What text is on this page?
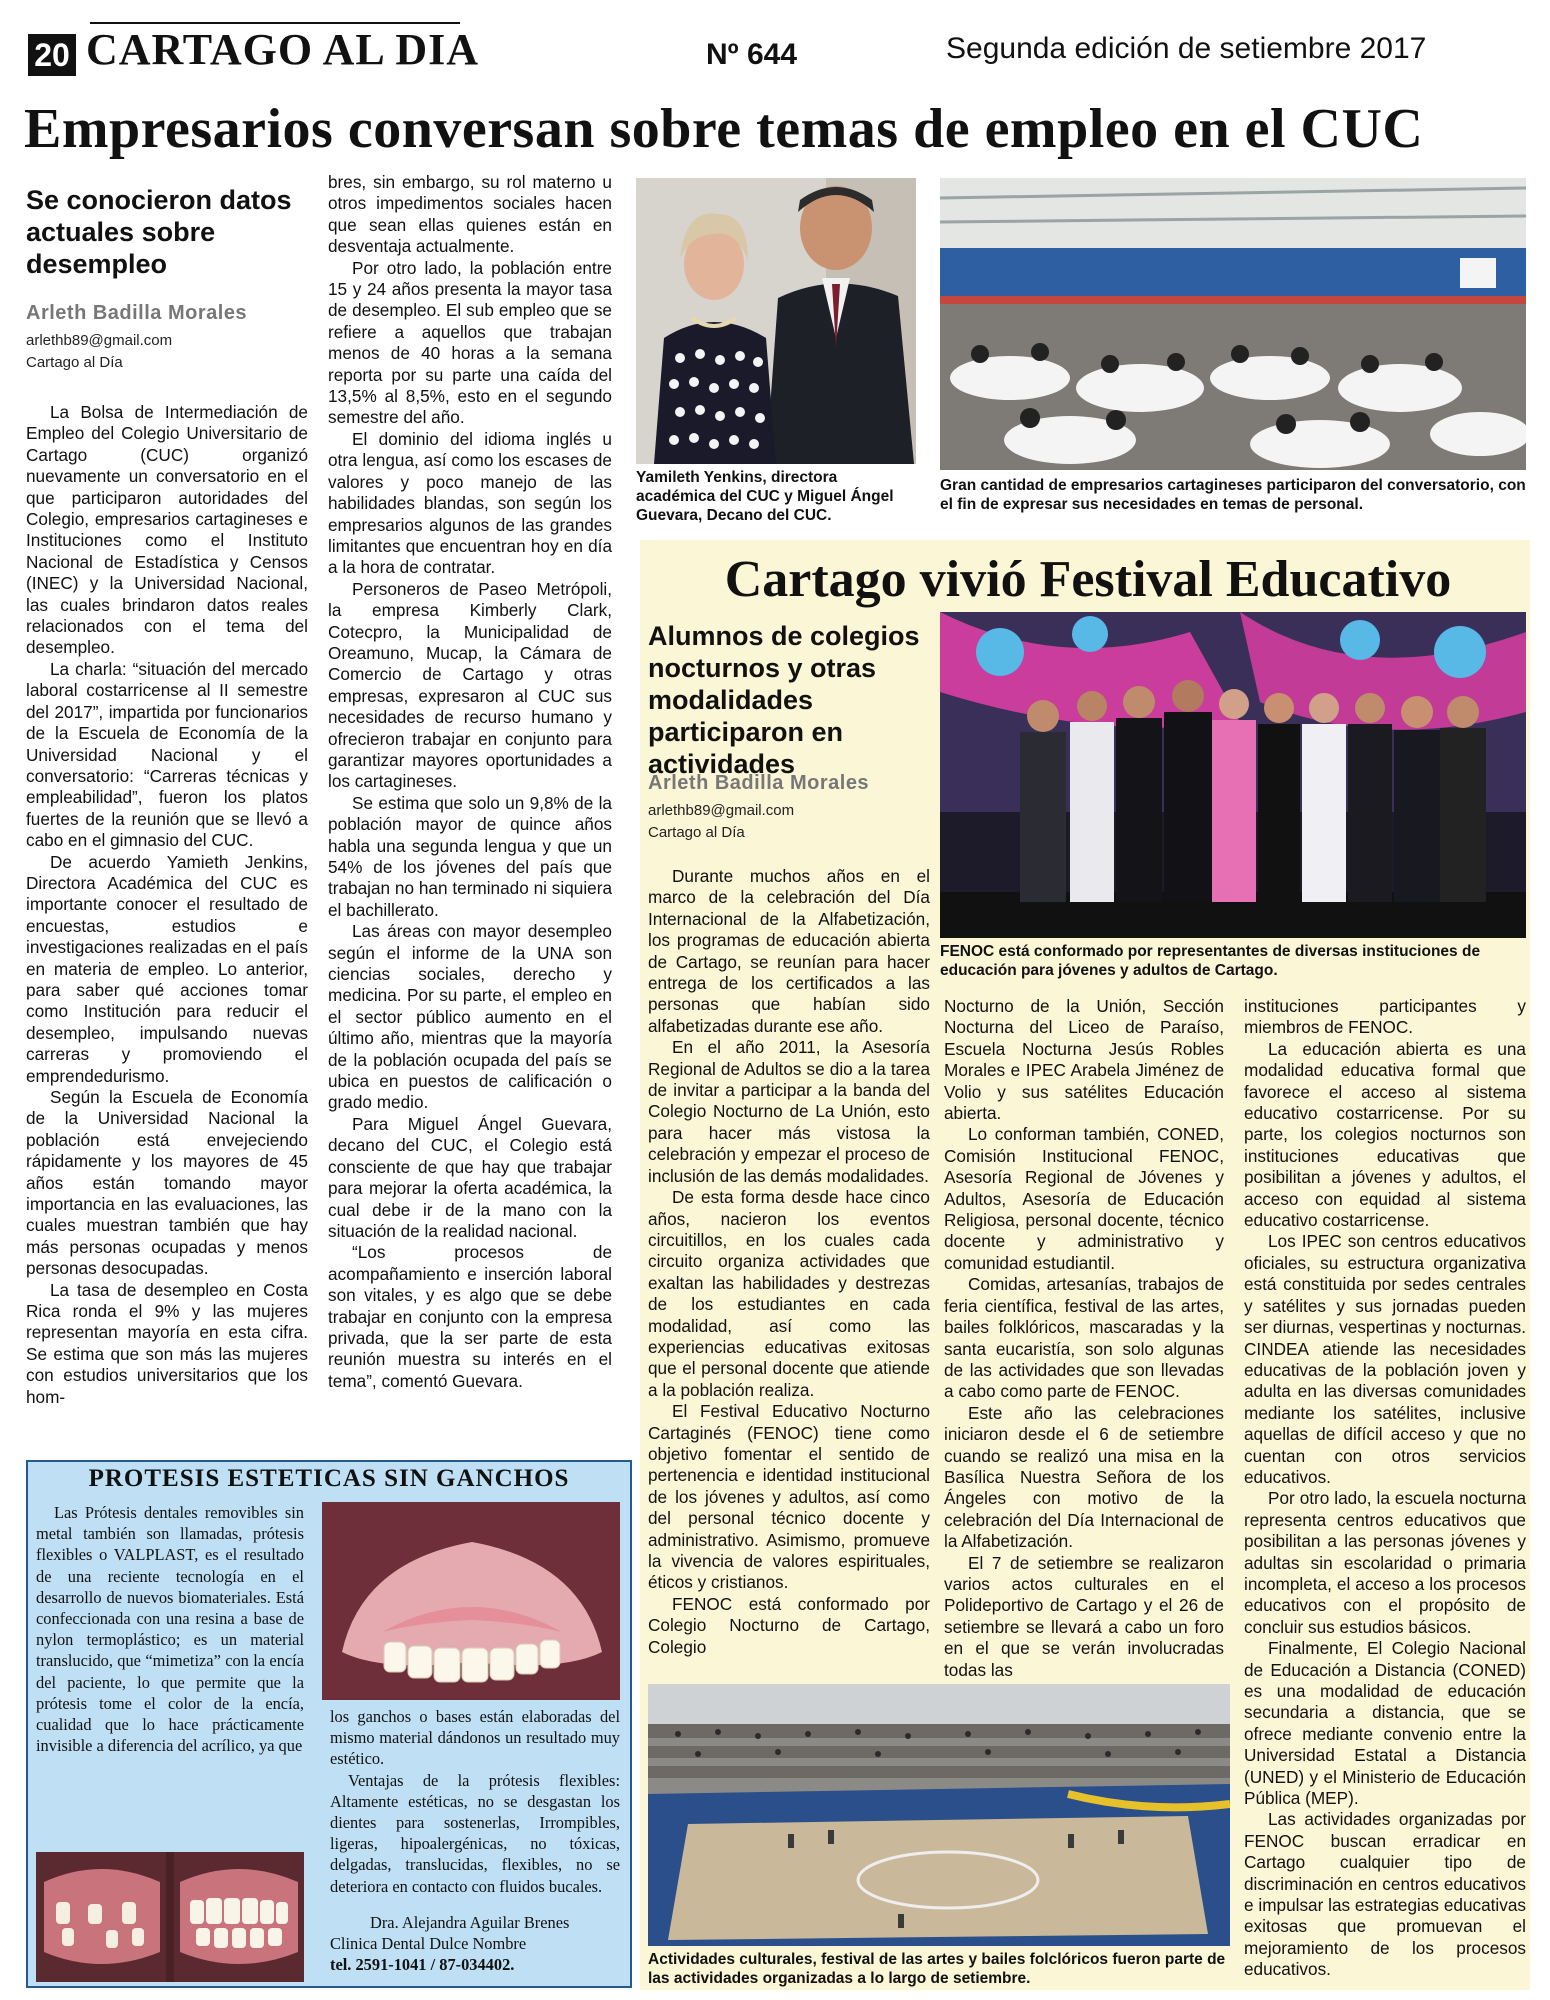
20 CARTAGO AL DIA	Nº 644	Segunda edición de setiembre 2017
Empresarios conversan sobre temas de empleo en el CUC
Se conocieron datos actuales sobre desempleo
Arleth Badilla Morales
arlethb89@gmail.com
Cartago al Día

La Bolsa de Intermediación de Empleo del Colegio Universitario de Cartago (CUC) organizó nuevamente un conversatorio en el que participaron autoridades del Colegio, empresarios cartagineses e Instituciones como el Instituto Nacional de Estadística y Censos (INEC) y la Universidad Nacional, las cuales brindaron datos reales relacionados con el tema del desempleo.

La charla: “situación del mercado laboral costarricense al II semestre del 2017”, impartida por funcionarios de la Escuela de Economía de la Universidad Nacional y el conversatorio: “Carreras técnicas y empleabilidad”, fueron los platos fuertes de la reunión que se llevó a cabo en el gimnasio del CUC.

De acuerdo Yamieth Jenkins, Directora Académica del CUC es importante conocer el resultado de encuestas, estudios e investigaciones realizadas en el país en materia de empleo. Lo anterior, para saber qué acciones tomar como Institución para reducir el desempleo, impulsando nuevas carreras y promoviendo el emprendedurismo.

Según la Escuela de Economía de la Universidad Nacional la población está envejeciendo rápidamente y los mayores de 45 años están tomando mayor importancia en las evaluaciones, las cuales muestran también que hay más personas ocupadas y menos personas desocupadas.

La tasa de desempleo en Costa Rica ronda el 9% y las mujeres representan mayoría en esta cifra. Se estima que son más las mujeres con estudios universitarios que los hom-

bres, sin embargo, su rol materno u otros impedimentos sociales hacen que sean ellas quienes están en desventaja actualmente.

Por otro lado, la población entre 15 y 24 años presenta la mayor tasa de desempleo. El sub empleo que se refiere a aquellos que trabajan menos de 40 horas a la semana reporta por su parte una caída del 13,5% al 8,5%, esto en el segundo semestre del año.

El dominio del idioma inglés u otra lengua, así como los escases de valores y poco manejo de las habilidades blandas, son según los empresarios algunos de las grandes limitantes que encuentran hoy en día a la hora de contratar.

Personeros de Paseo Metrópoli, la empresa Kimberly Clark, Cotecpro, la Municipalidad de Oreamuno, Mucap, la Cámara de Comercio de Cartago y otras empresas, expresaron al CUC sus necesidades de recurso humano y ofrecieron trabajar en conjunto para garantizar mayores oportunidades a los cartagineses.

Se estima que solo un 9,8% de la población mayor de quince años habla una segunda lengua y que un 54% de los jóvenes del país que trabajan no han terminado ni siquiera el bachillerato.

Las áreas con mayor desempleo según el informe de la UNA son ciencias sociales, derecho y medicina. Por su parte, el empleo en el sector público aumento en el último año, mientras que la mayoría de la población ocupada del país se ubica en puestos de calificación o grado medio.

Para Miguel Ángel Guevara, decano del CUC, el Colegio está consciente de que hay que trabajar para mejorar la oferta académica, la cual debe ir de la mano con la situación de la realidad nacional.

“Los procesos de acompañamiento e inserción laboral son vitales, y es algo que se debe trabajar en conjunto con la empresa privada, que la ser parte de esta reunión muestra su interés en el tema”, comentó Guevara.

Yamileth Yenkins, directora académica del CUC y Miguel Ángel Guevara, Decano del CUC.
Gran cantidad de empresarios cartagineses participaron del conversatorio, con el fin de expresar sus necesidades en temas de personal.
Cartago vivió Festival Educativo
Alumnos de colegios nocturnos y otras modalidades participaron en actividades
Arleth Badilla Morales
arlethb89@gmail.com
Cartago al Día
FENOC está conformado por representantes de diversas instituciones de educación para jóvenes y adultos de Cartago.

Durante muchos años en el marco de la celebración del Día Internacional de la Alfabetización, los programas de educación abierta de Cartago, se reunían para hacer entrega de los certificados a las personas que habían sido alfabetizadas durante ese año.

En el año 2011, la Asesoría Regional de Adultos se dio a la tarea de invitar a participar a la banda del Colegio Nocturno de La Unión, esto para hacer más vistosa la celebración y empezar el proceso de inclusión de las demás modalidades.

De esta forma desde hace cinco años, nacieron los eventos circuitillos, en los cuales cada circuito organiza actividades que exaltan las habilidades y destrezas de los estudiantes en cada modalidad, así como las experiencias educativas exitosas que el personal docente que atiende a la población realiza.

El Festival Educativo Nocturno Cartaginés (FENOC) tiene como objetivo fomentar el sentido de pertenencia e identidad institucional de los jóvenes y adultos, así como del personal técnico docente y administrativo. Asimismo, promueve la vivencia de valores espirituales, éticos y cristianos.

FENOC está conformado por Colegio Nocturno de Cartago, Colegio

Nocturno de la Unión, Sección Nocturna del Liceo de Paraíso, Escuela Nocturna Jesús Robles Morales e IPEC Arabela Jiménez de Volio y sus satélites Educación abierta.

Lo conforman también, CONED, Comisión Institucional FENOC, Asesoría Regional de Jóvenes y Adultos, Asesoría de Educación Religiosa, personal docente, técnico docente y administrativo y comunidad estudiantil.

Comidas, artesanías, trabajos de feria científica, festival de las artes, bailes folklóricos, mascaradas y la santa eucaristía, son solo algunas de las actividades que son llevadas a cabo como parte de FENOC.

Este año las celebraciones iniciaron desde el 6 de setiembre cuando se realizó una misa en la Basílica Nuestra Señora de los Ángeles con motivo de la celebración del Día Internacional de la Alfabetización.

El 7 de setiembre se realizaron varios actos culturales en el Polideportivo de Cartago y el 26 de setiembre se llevará a cabo un foro en el que se verán involucradas todas las

instituciones participantes y miembros de FENOC.

La educación abierta es una modalidad educativa formal que favorece el acceso al sistema educativo costarricense. Por su parte, los colegios nocturnos son instituciones educativas que posibilitan a jóvenes y adultos, el acceso con equidad al sistema educativo costarricense.

Los IPEC son centros educativos oficiales, su estructura organizativa está constituida por sedes centrales y satélites y sus jornadas pueden ser diurnas, vespertinas y nocturnas. CINDEA atiende las necesidades educativas de la población joven y adulta en las diversas comunidades mediante los satélites, inclusive aquellas de difícil acceso y que no cuentan con otros servicios educativos.

Por otro lado, la escuela nocturna representa centros educativos que posibilitan a las personas jóvenes y adultas sin escolaridad o primaria incompleta, el acceso a los procesos educativos con el propósito de concluir sus estudios básicos.

Finalmente, El Colegio Nacional de Educación a Distancia (CONED) es una modalidad de educación secundaria a distancia, que se ofrece mediante convenio entre la Universidad Estatal a Distancia (UNED) y el Ministerio de Educación Pública (MEP).

Las actividades organizadas por FENOC buscan erradicar en Cartago cualquier tipo de discriminación en centros educativos e impulsar las estrategias educativas exitosas que promuevan el mejoramiento de los procesos educativos.

Actividades culturales, festival de las artes y bailes folclóricos fueron parte de las actividades organizadas a lo largo de setiembre.
PROTESIS ESTETICAS SIN GANCHOS

Las Prótesis dentales removibles sin metal también son llamadas, prótesis flexibles o VALPLAST, es el resultado de una reciente tecnología en el desarrollo de nuevos biomateriales. Está confeccionada con una resina a base de nylon termoplástico; es un material translucido, que “mimetiza” con la encía del paciente, lo que permite que la prótesis tome el color de la encía, cualidad que lo hace prácticamente invisible a diferencia del acrílico, ya que

los ganchos o bases están elaboradas del mismo material dándonos un resultado muy estético.

Ventajas de la prótesis flexibles: Altamente estéticas, no se desgastan los dientes para sostenerlas, Irrompibles, ligeras, hipoalergénicas, no tóxicas, delgadas, translucidas, flexibles, no se deteriora en contacto con fluidos bucales.

Dra. Alejandra Aguilar Brenes
Clinica Dental Dulce Nombre
tel. 2591-1041 / 87-034402.
